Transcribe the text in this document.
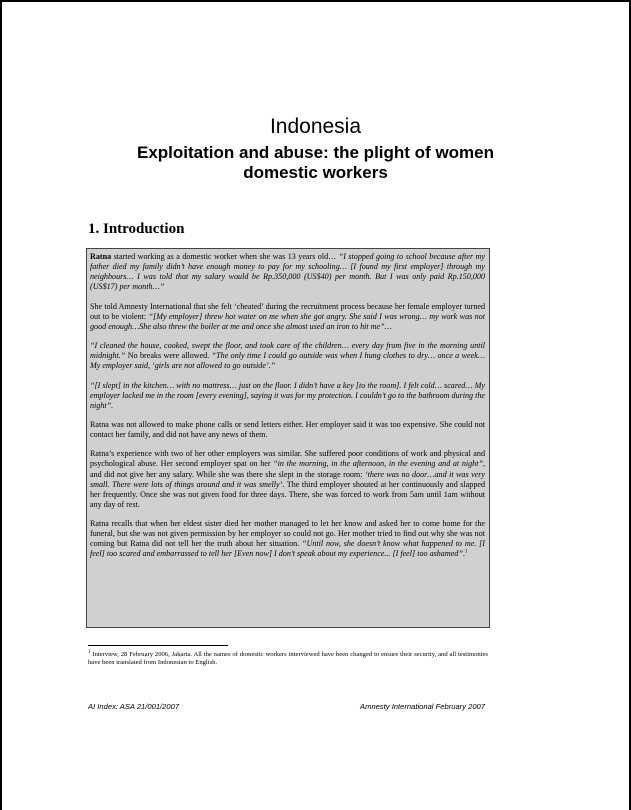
Indonesia
Exploitation and abuse: the plight of women
domestic workers
1. Introduction

Ratna started working as a domestic worker when she was 13 years old… “I stopped going to school because after my father died my family didn’t have enough money to pay for my schooling… [I found my first employer] through my neighbours… I was told that my salary would be Rp.350,000 (US$40) per month. But I was only paid Rp.150,000 (US$17) per month…”

She told Amnesty International that she felt ‘cheated’ during the recruitment process because her female employer turned out to be violent: “[My employer] threw hot water on me when she got angry. She said I was wrong… my work was not good enough…She also threw the boiler at me and once she almost used an iron to hit me”…

“I cleaned the house, cooked, swept the floor, and took care of the children… every day from five in the morning until midnight.” No breaks were allowed. “The only time I could go outside was when I hung clothes to dry… once a week… My employer said, ‘girls are not allowed to go outside’.”

“[I slept] in the kitchen… with no mattress… just on the floor. I didn’t have a key [to the room]. I felt cold… scared… My employer locked me in the room [every evening], saying it was for my protection. I couldn’t go to the bathroom during the night”.

Ratna was not allowed to make phone calls or send letters either. Her employer said it was too expensive. She could not contact her family, and did not have any news of them.

Ratna’s experience with two of her other employers was similar. She suffered poor conditions of work and physical and psychological abuse. Her second employer spat on her “in the morning, in the afternoon, in the evening and at night”, and did not give her any salary. While she was there she slept in the storage room: ‘there was no door…and it was very small. There were lots of things around and it was smelly’. The third employer shouted at her continuously and slapped her frequently. Once she was not given food for three days. There, she was forced to work from 5am until 1am without any day of rest.

Ratna recalls that when her eldest sister died her mother managed to let her know and asked her to come home for the funeral, but she was not given permission by her employer so could not go. Her mother tried to find out why she was not coming but Ratna did not tell her the truth about her situation. “Until now, she doesn’t know what happened to me. [I feel] too scared and embarrassed to tell her [Even now] I don’t speak about my experience... [I feel] too ashamed”.$^1$

$^1$ Interview, 28 February 2006, Jakarta. All the names of domestic workers interviewed have been changed to ensure their security, and all testimonies have been translated from Indonesian to English.
AI Index: ASA 21/001/2007	Amnesty International February 2007
